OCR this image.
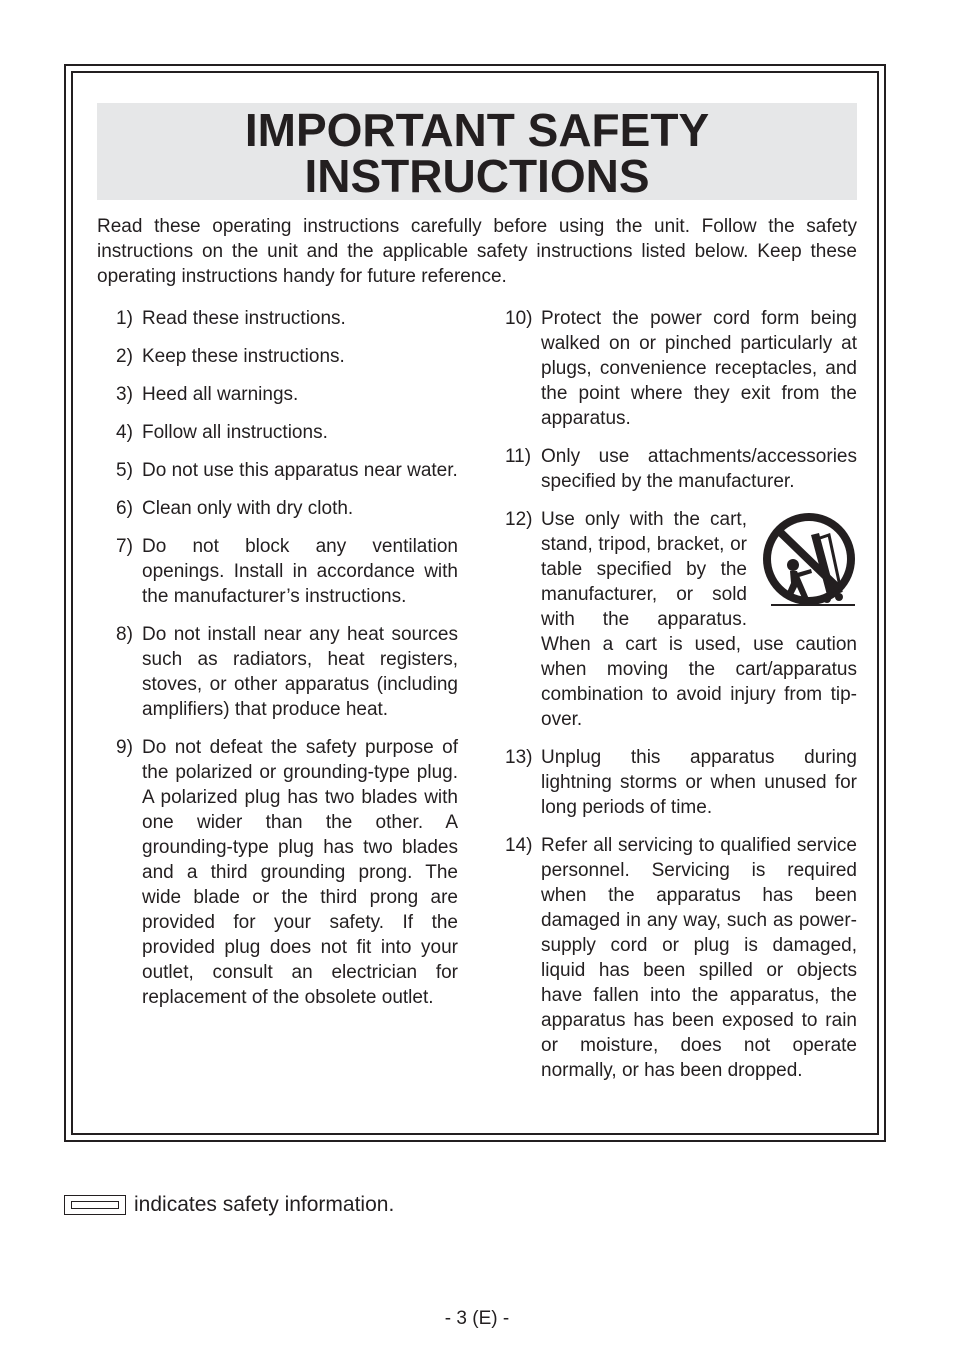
IMPORTANT SAFETY
INSTRUCTIONS
Read these operating instructions carefully before using the unit. Follow the safety instructions on the unit and the applicable safety instructions listed below. Keep these operating instructions handy for future reference.
1) Read these instructions.
2) Keep these instructions.
3) Heed all warnings.
4) Follow all instructions.
5) Do not use this apparatus near water.
6) Clean only with dry cloth.
7) Do not block any ventilation openings. Install in accordance with the manufacturer’s instructions.
8) Do not install near any heat sources such as radiators, heat registers, stoves, or other apparatus (including amplifiers) that produce heat.
9) Do not defeat the safety purpose of the polarized or grounding-type plug. A polarized plug has two blades with one wider than the other. A grounding-type plug has two blades and a third grounding prong. The wide blade or the third prong are provided for your safety. If the provided plug does not fit into your outlet, consult an electrician for replacement of the obsolete outlet.
10) Protect the power cord form being walked on or pinched particularly at plugs, convenience receptacles, and the point where they exit from the apparatus.
11) Only use attachments/accessories specified by the manufacturer.
12) Use only with the cart, stand, tripod, bracket, or table specified by the manufacturer, or sold with the apparatus. When a cart is used, use caution when moving the cart/apparatus combination to avoid injury from tip-over.
13) Unplug this apparatus during lightning storms or when unused for long periods of time.
14) Refer all servicing to qualified service personnel. Servicing is required when the apparatus has been damaged in any way, such as power-supply cord or plug is damaged, liquid has been spilled or objects have fallen into the apparatus, the apparatus has been exposed to rain or moisture, does not operate normally, or has been dropped.
indicates safety information.
- 3 (E) -
